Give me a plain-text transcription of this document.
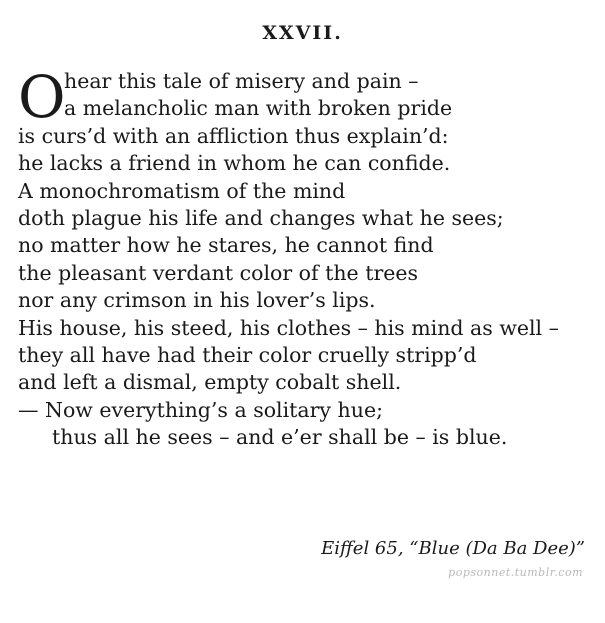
XXVII.
O
hear this tale of misery and pain –
a melancholic man with broken pride
is curs’d with an affliction thus explain’d:
he lacks a friend in whom he can confide.
A monochromatism of the mind
doth plague his life and changes what he sees;
no matter how he stares, he cannot find
the pleasant verdant color of the trees
nor any crimson in his lover’s lips.
His house, his steed, his clothes – his mind as well –
they all have had their color cruelly stripp’d
and left a dismal, empty cobalt shell.
— Now everything’s a solitary hue;
thus all he sees – and e’er shall be – is blue.
Eiffel 65, “Blue (Da Ba Dee)”
popsonnet.tumblr.com
